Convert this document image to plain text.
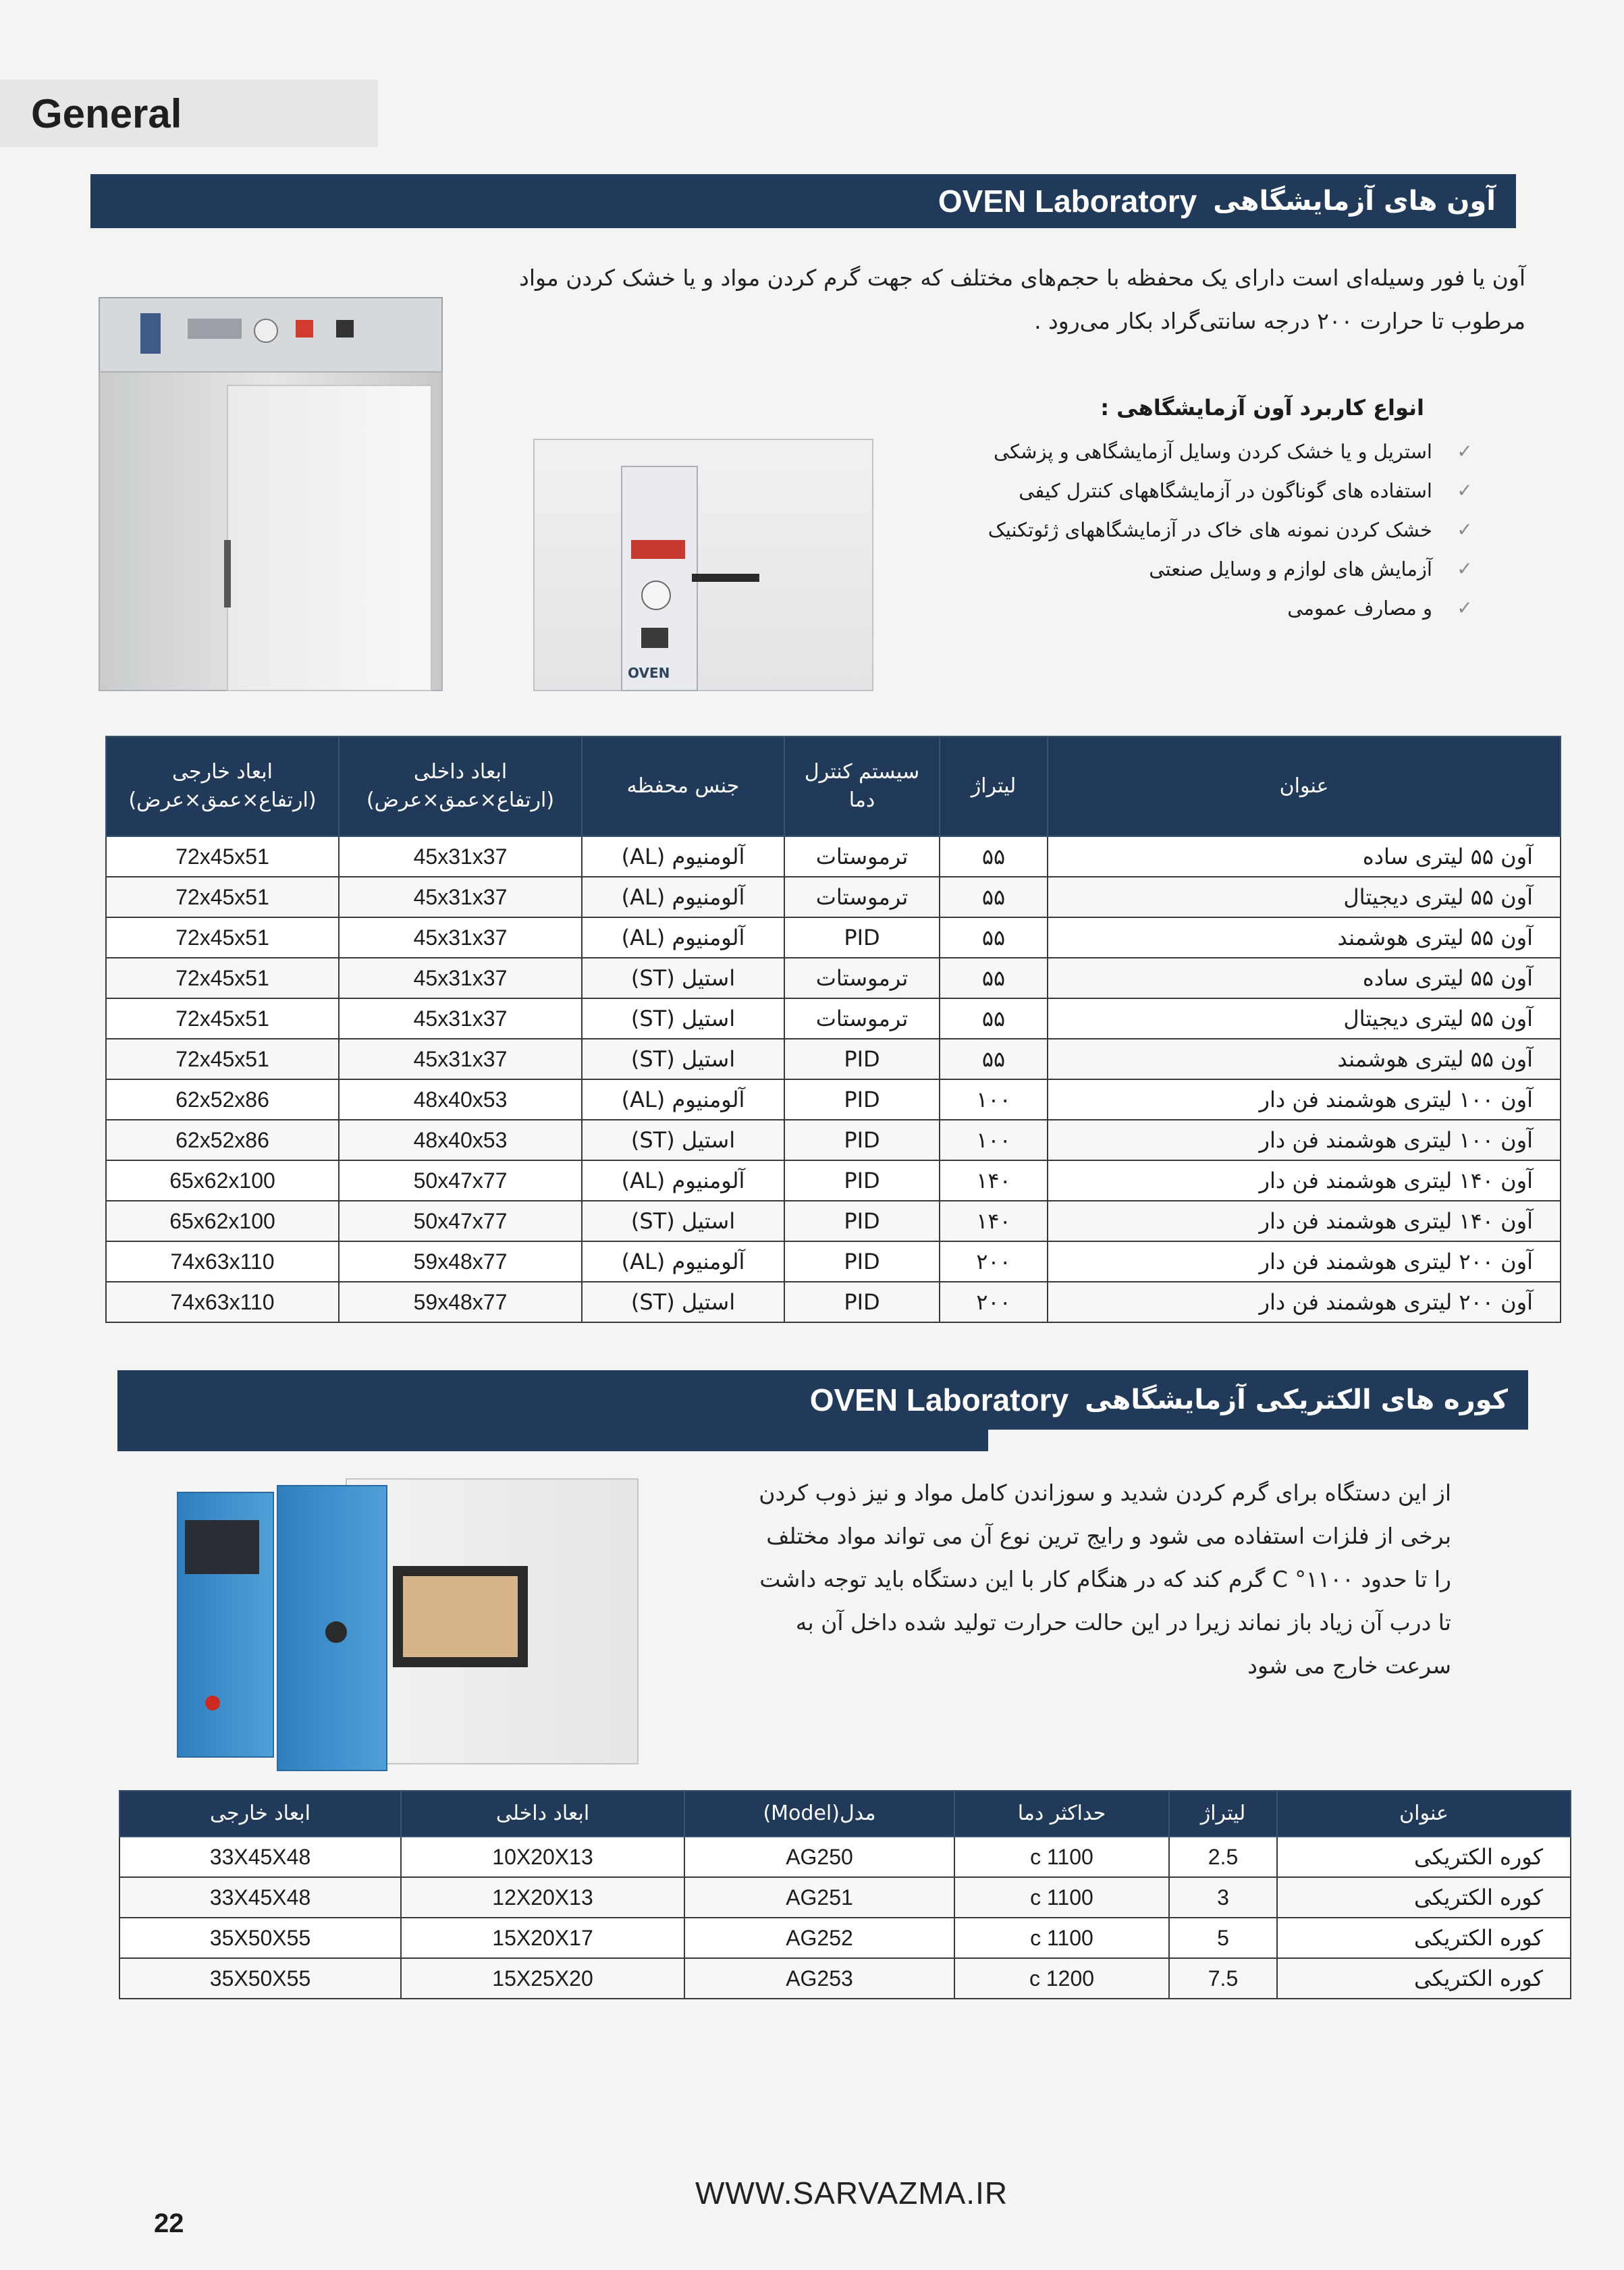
General
OVEN Laboratory آون های آزمایشگاهی
آون یا فور وسیله‌ای است دارای یک محفظه با حجم‌های مختلف که جهت گرم کردن مواد و یا خشک کردن مواد مرطوب تا حرارت ۲۰۰ درجه سانتی‌گراد بکار می‌رود .
OVEN
انواع کاربرد آون آزمایشگاهی :
✓
استریل و یا خشک کردن وسایل آزمایشگاهی و پزشکی
✓
استفاده های گوناگون در آزمایشگاههای کنترل کیفی
✓
خشک کردن نمونه های خاک در آزمایشگاههای ژئوتکنیک
✓
آزمایش های لوازم و وسایل صنعتی
✓
و مصارف عمومی
عنوان	لیتراژ	سیستم کنترل دما	جنس محفظه	ابعاد داخلی (ارتفاع×عمق×عرض)	ابعاد خارجی (ارتفاع×عمق×عرض)
آون ۵۵ لیتری ساده	۵۵	ترموستات	آلومنیوم (AL)	45x31x37	72x45x51
آون ۵۵ لیتری دیجیتال	۵۵	ترموستات	آلومنیوم (AL)	45x31x37	72x45x51
آون ۵۵ لیتری هوشمند	۵۵	PID	آلومنیوم (AL)	45x31x37	72x45x51
آون ۵۵ لیتری ساده	۵۵	ترموستات	استیل (ST)	45x31x37	72x45x51
آون ۵۵ لیتری دیجیتال	۵۵	ترموستات	استیل (ST)	45x31x37	72x45x51
آون ۵۵ لیتری هوشمند	۵۵	PID	استیل (ST)	45x31x37	72x45x51
آون ۱۰۰ لیتری هوشمند فن دار	۱۰۰	PID	آلومنیوم (AL)	48x40x53	62x52x86
آون ۱۰۰ لیتری هوشمند فن دار	۱۰۰	PID	استیل (ST)	48x40x53	62x52x86
آون ۱۴۰ لیتری هوشمند فن دار	۱۴۰	PID	آلومنیوم (AL)	50x47x77	65x62x100
آون ۱۴۰ لیتری هوشمند فن دار	۱۴۰	PID	استیل (ST)	50x47x77	65x62x100
آون ۲۰۰ لیتری هوشمند فن دار	۲۰۰	PID	آلومنیوم (AL)	59x48x77	74x63x110
آون ۲۰۰ لیتری هوشمند فن دار	۲۰۰	PID	استیل (ST)	59x48x77	74x63x110
OVEN Laboratory کوره های الکتریکی آزمایشگاهی
از این دستگاه برای گرم کردن شدید و سوزاندن کامل مواد و نیز ذوب کردن برخی از فلزات استفاده می شود و رایج ترین نوع آن می تواند مواد مختلف را تا حدود ۱۱۰۰° C گرم کند که در هنگام کار با این دستگاه باید توجه داشت تا درب آن زیاد باز نماند زیرا در این حالت حرارت تولید شده داخل آن به سرعت خارج می شود
عنوان	لیتراژ	حداکثر دما	مدل(Model)	ابعاد داخلی	ابعاد خارجی
کوره الکتریکی	2.5	1100 c	AG250	10X20X13	33X45X48
کوره الکتریکی	3	1100 c	AG251	12X20X13	33X45X48
کوره الکتریکی	5	1100 c	AG252	15X20X17	35X50X55
کوره الکتریکی	7.5	1200 c	AG253	15X25X20	35X50X55
WWW.SARVAZMA.IR
22
